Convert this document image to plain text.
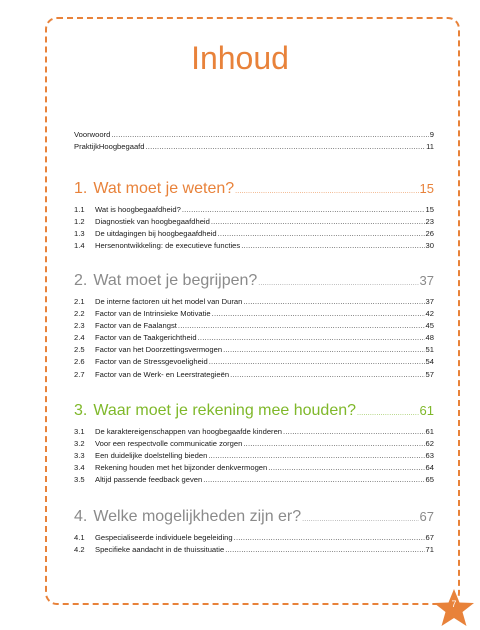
Inhoud
Voorwoord .....	9
PraktijkHoogbegaafd .....	11
1. Wat moet je weten? .....	15
1.1	Wat is hoogbegaafdheid? .....	15
1.2	Diagnostiek van hoogbegaafdheid .....	23
1.3	De uitdagingen bij hoogbegaafdheid .....	26
1.4	Hersenontwikkeling: de executieve functies .....	30
2. Wat moet je begrijpen? .....	37
2.1	De interne factoren uit het model van Duran .....	37
2.2	Factor van de Intrinsieke Motivatie .....	42
2.3	Factor van de Faalangst .....	45
2.4	Factor van de Taakgerichtheid .....	48
2.5	Factor van het Doorzettingsvermogen .....	51
2.6	Factor van de Stressgevoeligheid .....	54
2.7	Factor van de Werk- en Leerstrategieën .....	57
3. Waar moet je rekening mee houden? .....	61
3.1	De karaktereigenschappen van hoogbegaafde kinderen .....	61
3.2	Voor een respectvolle communicatie zorgen .....	62
3.3	Een duidelijke doelstelling bieden .....	63
3.4	Rekening houden met het bijzonder denkvermogen .....	64
3.5	Altijd passende feedback geven .....	65
4. Welke mogelijkheden zijn er? .....	67
4.1	Gespecialiseerde individuele begeleiding .....	67
4.2	Specifieke aandacht in de thuissituatie .....	71
7
